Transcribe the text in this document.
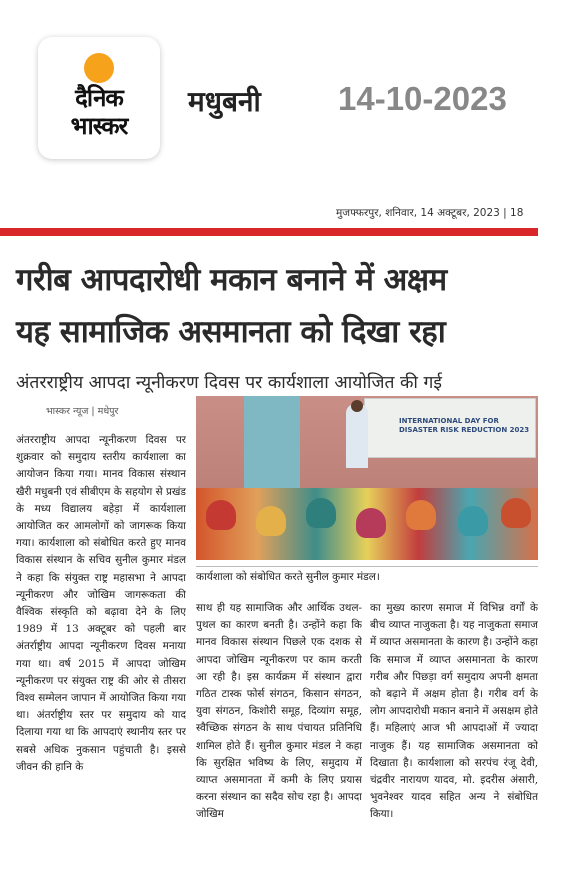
दैनिक
भास्कर
मधुबनी 14-10-2023
मुजफ्फरपुर, शनिवार, 14 अक्टूबर, 2023 | 18
गरीब आपदारोधी मकान बनाने में अक्षम
यह सामाजिक असमानता को दिखा रहा
अंतरराष्ट्रीय आपदा न्यूनीकरण दिवस पर कार्यशाला आयोजित की गई
भास्कर न्यूज | मधेपुर
अंतरराष्ट्रीय आपदा न्यूनीकरण दिवस पर शुक्रवार को समुदाय स्तरीय कार्यशाला का आयोजन किया गया। मानव विकास संस्थान खैरी मधुबनी एवं सीबीएम के सहयोग से प्रखंड के मध्य विद्यालय बहेड़ा में कार्यशाला आयोजित कर आमलोगों को जागरूक किया गया। कार्यशाला को संबोधित करते हुए मानव विकास संस्थान के सचिव सुनील कुमार मंडल ने कहा कि संयुक्त राष्ट्र महासभा ने आपदा न्यूनीकरण और जोखिम जागरूकता की वैश्विक संस्कृति को बढ़ावा देने के लिए 1989 में 13 अक्टूबर को पहली बार अंतर्राष्ट्रीय आपदा न्यूनीकरण दिवस मनाया गया था। वर्ष 2015 में आपदा जोखिम न्यूनीकरण पर संयुक्त राष्ट्र की ओर से तीसरा विश्व सम्मेलन जापान में आयोजित किया गया था। अंतर्राष्ट्रीय स्तर पर समुदाय को याद दिलाया गया था कि आपदाएं स्थानीय स्तर पर सबसे अधिक नुकसान पहुंचाती है। इससे जीवन की हानि के
INTERNATIONAL DAY FOR DISASTER RISK REDUCTION 2023
कार्यशाला को संबोधित करते सुनील कुमार मंडल।
साथ ही यह सामाजिक और आर्थिक उथल-पुथल का कारण बनती है। उन्होंने कहा कि मानव विकास संस्थान पिछले एक दशक से आपदा जोखिम न्यूनीकरण पर काम करती आ रही है। इस कार्यक्रम में संस्थान द्वारा गठित टास्क फोर्स संगठन, किसान संगठन, युवा संगठन, किशोरी समूह, दिव्यांग समूह, स्वैच्छिक संगठन के साथ पंचायत प्रतिनिधि शामिल होते हैं। सुनील कुमार मंडल ने कहा कि सुरक्षित भविष्य के लिए, समुदाय में व्याप्त असमानता में कमी के लिए प्रयास करना संस्थान का सदैव सोच रहा है। आपदा जोखिम
का मुख्य कारण समाज में विभिन्न वर्गों के बीच व्याप्त नाजुकता है। यह नाजुकता समाज में व्याप्त असमानता के कारण है। उन्होंने कहा कि समाज में व्याप्त असमानता के कारण गरीब और पिछड़ा वर्ग समुदाय अपनी क्षमता को बढ़ाने में अक्षम होता है। गरीब वर्ग के लोग आपदारोधी मकान बनाने में असक्षम होते हैं। महिलाएं आज भी आपदाओं में ज्यादा नाजुक हैं। यह सामाजिक असमानता को दिखाता है। कार्यशाला को सरपंच रंजू देवी, चंद्रवीर नारायण यादव, मो. इदरीस अंसारी, भुवनेश्वर यादव सहित अन्य ने संबोधित किया।
